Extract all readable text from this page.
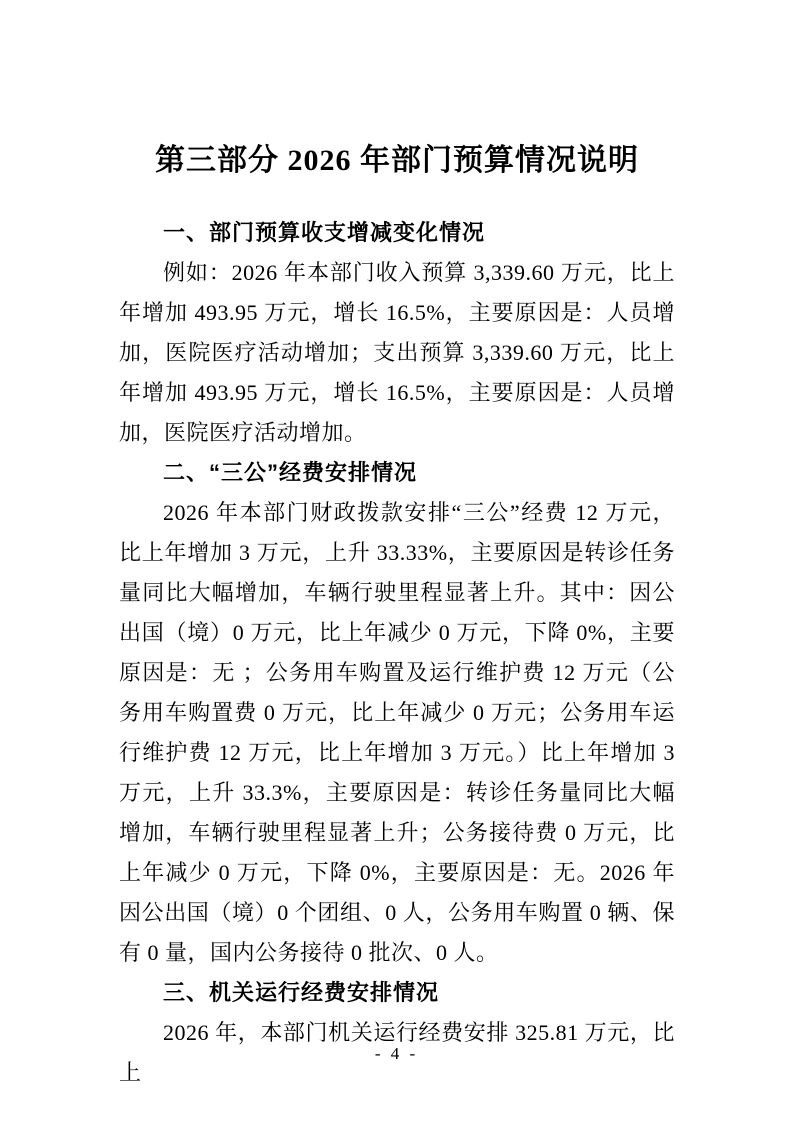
第三部分 2026 年部门预算情况说明
一、部门预算收支增减变化情况

例如：2026 年本部门收入预算 3,339.60 万元，比上年增加 493.95 万元，增长 16.5%，主要原因是：人员增加，医院医疗活动增加；支出预算 3,339.60 万元，比上年增加 493.95 万元，增长 16.5%，主要原因是：人员增加，医院医疗活动增加。

二、“三公”经费安排情况

2026 年本部门财政拨款安排“三公”经费 12 万元，比上年增加 3 万元，上升 33.33%，主要原因是转诊任务量同比大幅增加，车辆行驶里程显著上升。其中：因公出国（境）0 万元，比上年减少 0 万元，下降 0%，主要原因是：无 ；公务用车购置及运行维护费 12 万元（公务用车购置费 0 万元，比上年减少 0 万元；公务用车运行维护费 12 万元，比上年增加 3 万元。）比上年增加 3 万元，上升 33.3%，主要原因是：转诊任务量同比大幅增加，车辆行驶里程显著上升；公务接待费 0 万元，比上年减少 0 万元，下降 0%，主要原因是：无。2026 年因公出国（境）0 个团组、0 人，公务用车购置 0 辆、保有 0 量，国内公务接待 0 批次、0 人。

三、机关运行经费安排情况

2026 年，本部门机关运行经费安排 325.81 万元，比上

- 4 -
